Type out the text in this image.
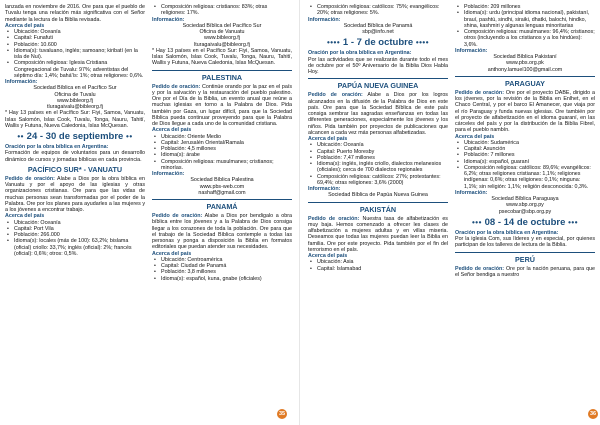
lanzada en noviembre de 2016. Ore para que el pueblo de Tuvalu tenga una relación más significativa con el Señor mediante la lectura de la Biblia revisada.

Acerca del país

• Ubicación: Oceanía
• Capital: Funafuti
• Población: 10.600
• Idioma(s): tuvaluano, inglés; samoano; kiribatí (en la isla de Nui).
• Composición religiosa: Iglesia Cristiana Congregacional de Tuvalu: 97%; adventistas del séptimo día: 1,4%; bahá'ís: 1%; otras religiones: 0,6%.

Información:

Sociedad Bíblica en el Pacífico Sur

Oficina de Tuvalu

www.bibleorg.fj

tluragaivalu@bibleorg.fj

* Hay 13 países en el Pacífico Sur: Fiyi, Samoa, Vanuatu, Islas Salomón, Islas Cook, Tuvalu, Tonga, Nauru, Tahití, Wallis y Futuna, Nueva Caledonia, Islas McQuesan.

•• 24 - 30 de septiembre ••

Oración por la obra bíblica en Argentina:

Formación de equipos de voluntarios para un desarrollo dinámico de cursos y jornadas bíblicas en cada provincia.

PACÍFICO SUR* - VANUATU

Pedido de oración: Alabe a Dios por la obra bíblica en Vanuatu y por el apoyo de las iglesias y otras organizaciones cristianas. Ore para que las vidas de muchas personas sean transformadas por el poder de la Palabra. Ore por los planes para ayudarles a las mujeres y a los jóvenes a encontrar trabajo.

Acerca del país

• Ubicación: Oceanía
• Capital: Port Vila
• Población: 266.000
• Idioma(s): locales (más de 100): 63,2%; bislama (oficial) criollo: 33,7%; inglés (oficial): 2%; francés (oficial): 0,6%; otros: 0,5%.
• Composición religiosa: cristianos: 83%; otras religiones: 17%.

Información:

Sociedad Bíblica del Pacífico Sur

Oficina de Vanuatu

www.bibleorg.fj

lturagaivalu@bibleorg.fj

* Hay 13 países en el Pacífico Sur: Fiyi, Samoa, Vanuatu, Islas Salomón, Islas Cook, Tuvalu, Tonga, Nauru, Tahití, Wallis y Futuna, Nueva Caledonia, Islas McQuesan.

PALESTINA

Pedido de oración: Continúe orando por la paz en el país y por la salvación y la restauración del pueblo palestino. Ore por el Día de la Biblia, un evento anual que reúne a muchas iglesias en torno a la Palabra de Dios. Pida también por Gaza, un lugar difícil, para que la Sociedad Bíblica pueda continuar proveyendo para que la Palabra de Dios llegue a cada uno de la comunidad cristiana.

Acerca del país

• Ubicación: Oriente Medio
• Capital: Jerusalén Oriental/Ramala
• Población: 4,5 millones
• Idioma(s): árabe
• Composición religiosa: musulmanes; cristianos; minorías.

Información:

Sociedad Bíblica Palestina

www.pbs-web.com

nashaff@gmail.com

PANAMÁ

Pedido de oración: Alabe a Dios por bendigalo a obra bíblica entre los jóvenes y a la Palabra de Dios consiga llegar a los corazones de toda la población. Ore para que el trabajo de la Sociedad Bíblica contemple a todas las personas y ponga a disposición la Biblia en formatos editoriales que puedan atender sus necesidades.

Acerca del país

• Ubicación: Centroamérica
• Capital: Ciudad de Panamá
• Población: 3,8 millones
• Idioma(s): español, kuna, gnabe (oficiales)
35
• Composición religiosa: católicos: 75%; evangélicos: 20%; otras religiones: 5%.

Información:

Sociedad Bíblica de Panamá

sbp@info.net

•••• 1 - 7 de octubre ••••

Oración por la obra bíblica en Argentina:

Por las actividades que se realizarán durante todo el mes de octubre por el 50º Aniversario de la Biblia Dios Habla Hoy.

PAPÚA NUEVA GUINEA

Pedido de oración: Alabe a Dios por los logros alcanzados en la difusión de la Palabra de Dios en este país. Ore para que la Sociedad Bíblica de este país consiga sembrar las sagradas enseñanzas en todas las diferentes generaciones, especialmente los jóvenes y los niños. Pida también por proyectos de publicaciones que alcancen a cada vez más personas alfabetizadas.

Acerca del país

• Ubicación: Oceanía
• Capital: Puerto Moresby
• Población: 7,47 millones
• Idioma(s): inglés, inglés criollo, dialectos melanesios (oficiales); cerca de 700 dialectos regionales
• Composición religiosa: católicos: 27%; protestantes: 69,4%; otras religiones: 3,6% (2000)

Información:

Sociedad Bíblica de Papúa Nueva Guinea

PAKISTÁN

Pedido de oración: Nuestra tasa de alfabetización es muy baja. Hemos comenzado a ofrecer les clases de alfabetización a mujeres adultas y en villas miseria. Deseamos que todas las mujeres puedan leer la Biblia en familia. Ore por este proyecto. Pida también por el fin del terrorismo en el país.

Acerca del país

• Ubicación: Asia
• Capital: Islamabad
• Población: 209 millones
• Idioma(s): urdu (principal idioma nacional), pakistaní, brauí, pashtú, sindhi, siraiki, dhatki, balochi, hindko, shina, kashmiri y algunas lenguas minoritarias
• Composición religiosa: musulmanes: 96,4%; cristianos; otros (incluyendo a los cristianos y a los hindúes): 3,6%.

Información:

Sociedad Bíblica Pakistaní

www.pbs.org.pk

anthony.lamuel100@gmail.com

PARAGUAY

Pedido de oración: Ore por el proyecto DABE, dirigido a los jóvenes, por la revisión de la Biblia en Enlhet, en el Chaco Central, y por el barco El Amanecer, que viaja por el río Paraguay y funda nuevas iglesias. Ore también por el proyecto de alfabetización en el idioma guaraní, en las cárceles del país y por la distribución de la Biblia Fibrel, para el pueblo nambín.

Acerca del país

• Ubicación: Sudamérica
• Capital: Asunción
• Población: 7 millones
• Idioma(s): español, guaraní
• Composición religiosa: católicos: 89,6%; evangélicos: 6,2%; otras religiones cristianas: 1,1%; religiones indígenas: 0,6%; otras religiones: 0,1%; ninguna: 1,1%; sin religión: 1,1%; religión desconocida: 0,3%.

Información:

Sociedad Bíblica Paraguaya

www.sbp.org.py

psecobar@sbp.org.py

••• 08 - 14 de octubre •••

Oración por la obra bíblica en Argentina:

Por la iglesia Com, sus líderes y en especial, por quienes participan de los talleres de lectura de la Biblia.

PERÚ

Pedido de oración: Ore por la nación peruana, para que el Señor bendiga a nuestro

36
